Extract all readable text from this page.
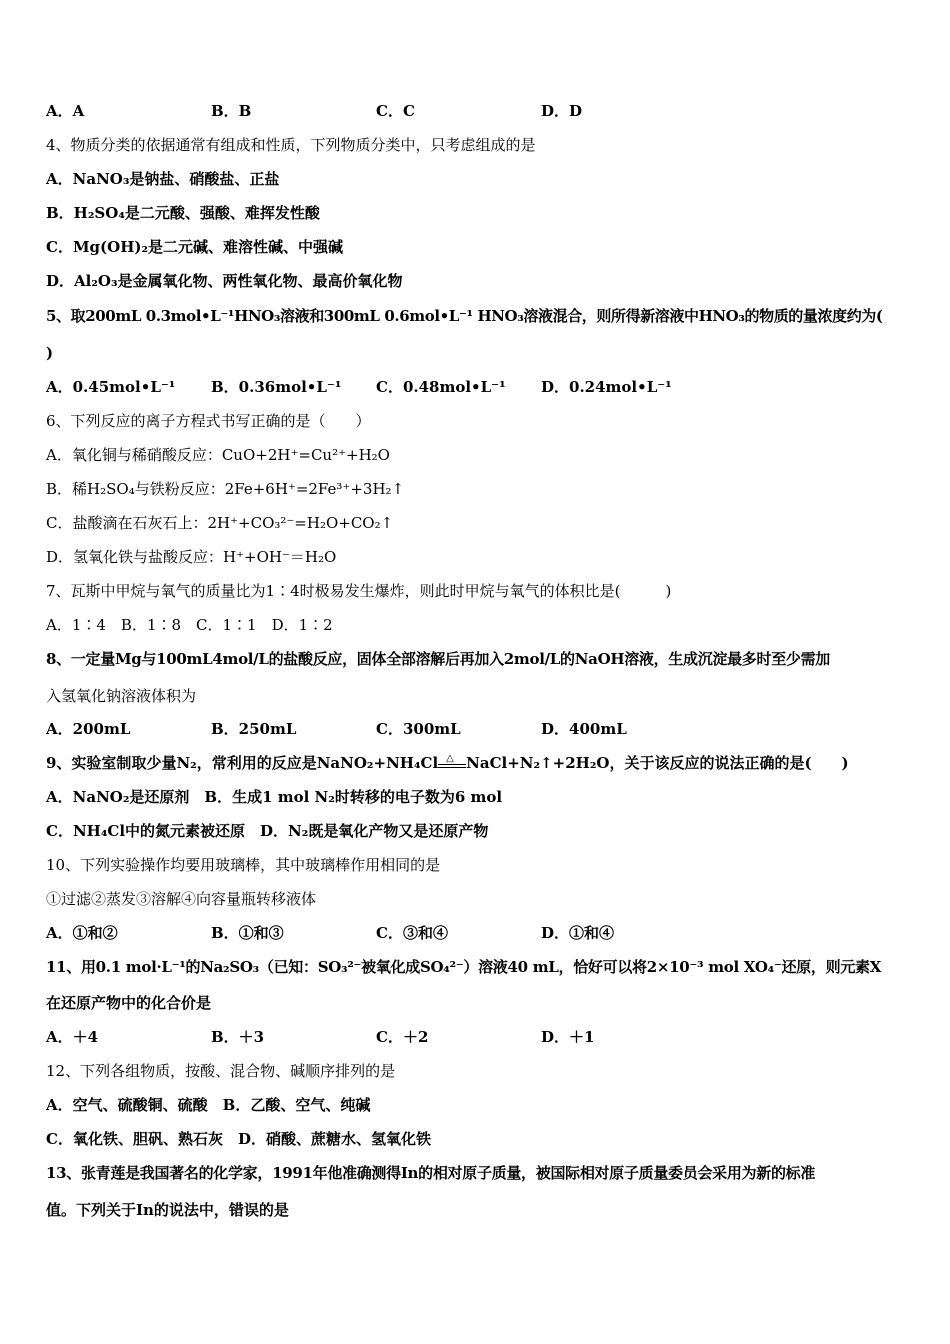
A．A	B．B	C．C	D．D
4、物质分类的依据通常有组成和性质，下列物质分类中，只考虑组成的是
A．NaNO₃是钠盐、硝酸盐、正盐
B．H₂SO₄是二元酸、强酸、难挥发性酸
C．Mg(OH)₂是二元碱、难溶性碱、中强碱
D．Al₂O₃是金属氧化物、两性氧化物、最高价氧化物
5、取200mL 0.3mol•L⁻¹HNO₃溶液和300mL 0.6mol•L⁻¹ HNO₃溶液混合，则所得新溶液中HNO₃的物质的量浓度约为(
)
A．0.45mol•L⁻¹	B．0.36mol•L⁻¹	C．0.48mol•L⁻¹	D．0.24mol•L⁻¹
6、下列反应的离子方程式书写正确的是（　　）
A．氧化铜与稀硝酸反应：CuO+2H⁺=Cu²⁺+H₂O
B．稀H₂SO₄与铁粉反应：2Fe+6H⁺=2Fe³⁺+3H₂↑
C．盐酸滴在石灰石上：2H⁺+CO₃²⁻=H₂O+CO₂↑
D．氢氧化铁与盐酸反应：H⁺+OH⁻＝H₂O
7、瓦斯中甲烷与氧气的质量比为1∶4时极易发生爆炸，则此时甲烷与氧气的体积比是(　　　)
A．1∶4　B．1∶8　C．1∶1　D．1∶2
8、一定量Mg与100mL4mol/L的盐酸反应，固体全部溶解后再加入2mol/L的NaOH溶液，生成沉淀最多时至少需加
入氢氧化钠溶液体积为
A．200mL	B．250mL	C．300mL	D．400mL
9、实验室制取少量N₂，常利用的反应是NaNO₂+NH₄Cl △ NaCl+N₂↑+2H₂O，关于该反应的说法正确的是(　　)
A．NaNO₂是还原剂　B．生成1 mol N₂时转移的电子数为6 mol
C．NH₄Cl中的氮元素被还原　D．N₂既是氧化产物又是还原产物
10、下列实验操作均要用玻璃棒，其中玻璃棒作用相同的是
①过滤②蒸发③溶解④向容量瓶转移液体
A．①和②	B．①和③	C．③和④	D．①和④
11、用0.1 mol·L⁻¹的Na₂SO₃（已知：SO₃²⁻被氧化成SO₄²⁻）溶液40 mL，恰好可以将2×10⁻³ mol XO₄⁻还原，则元素X
在还原产物中的化合价是
A．＋4	B．＋3	C．＋2	D．＋1
12、下列各组物质，按酸、混合物、碱顺序排列的是
A．空气、硫酸铜、硫酸　B．乙酸、空气、纯碱
C．氧化铁、胆矾、熟石灰　D．硝酸、蔗糖水、氢氧化铁
13、张青莲是我国著名的化学家，1991年他准确测得In的相对原子质量，被国际相对原子质量委员会采用为新的标准
值。下列关于In的说法中，错误的是
